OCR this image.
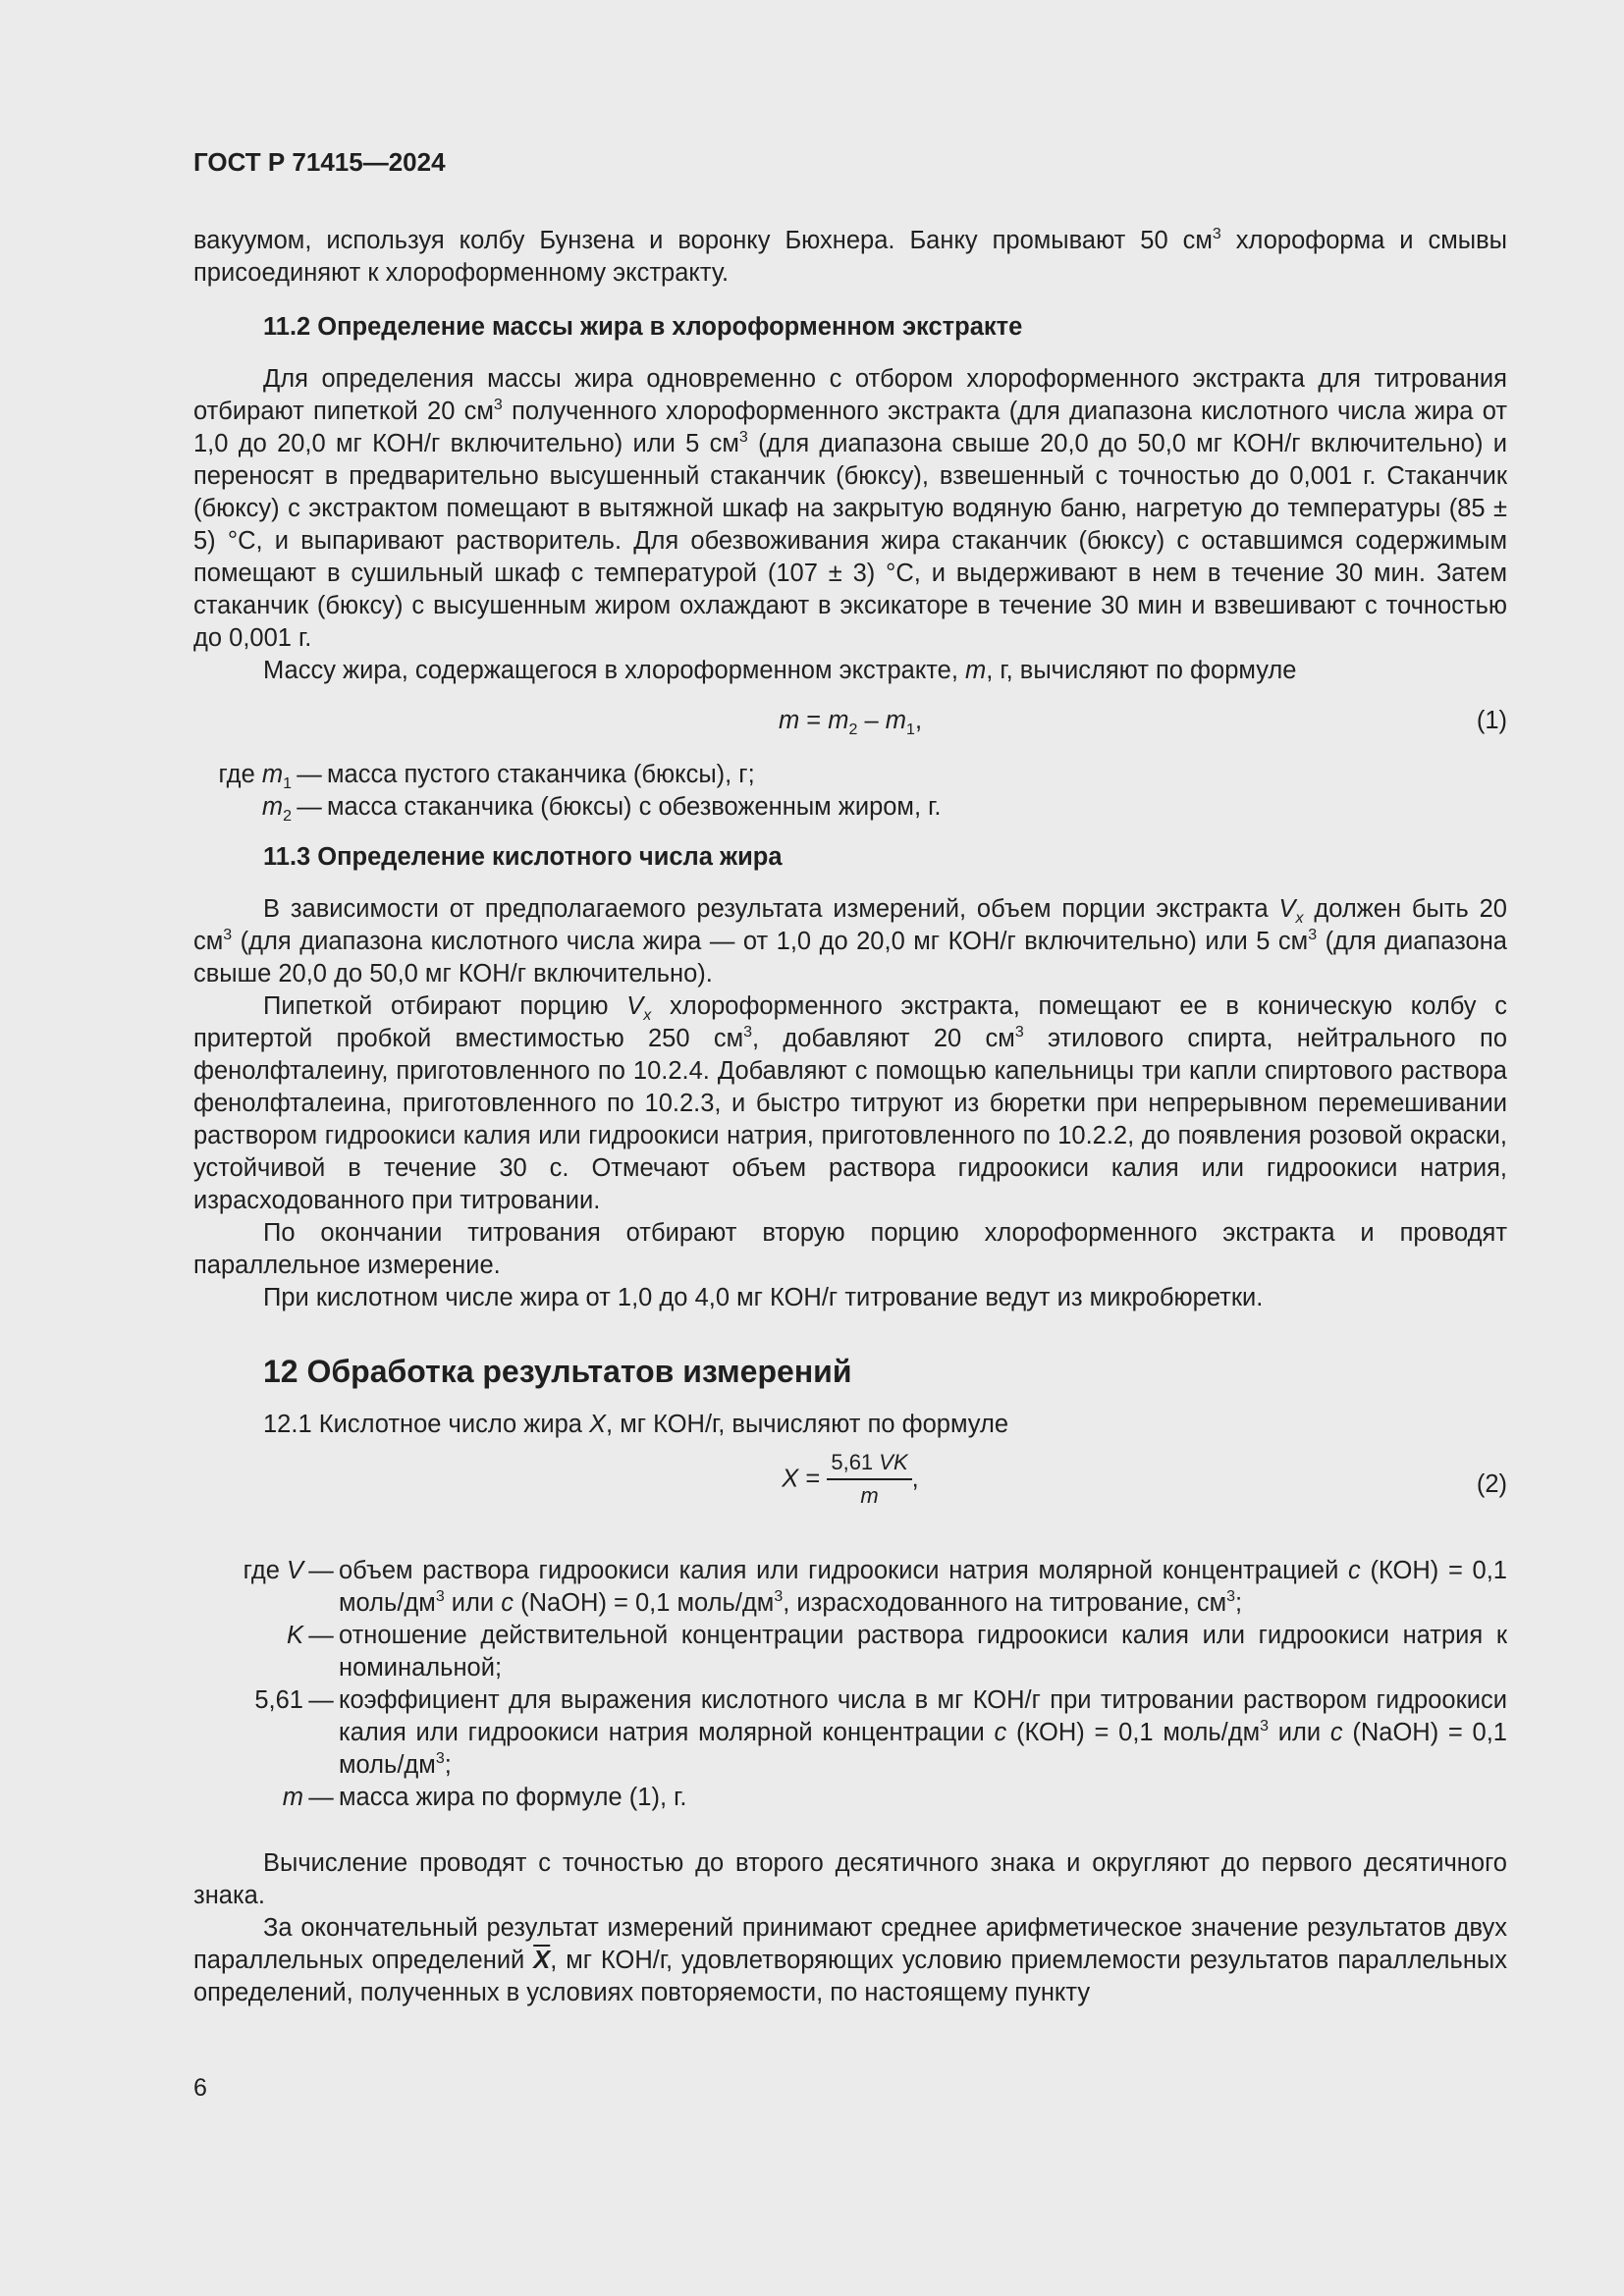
ГОСТ Р 71415—2024

вакуумом, используя колбу Бунзена и воронку Бюхнера. Банку промывают 50 $см^3$ хлороформа и смывы присоединяют к хлороформенному экстракту.

11.2 Определение массы жира в хлороформенном экстракте

Для определения массы жира одновременно с отбором хлороформенного экстракта для титрования отбирают пипеткой 20 $см^3$ полученного хлороформенного экстракта (для диапазона кислотного числа жира от 1,0 до 20,0 мг КОН/г включительно) или 5 $см^3$ (для диапазона свыше 20,0 до 50,0 мг КОН/г включительно) и переносят в предварительно высушенный стаканчик (бюксу), взвешенный с точностью до 0,001 г. Стаканчик (бюксу) с экстрактом помещают в вытяжной шкаф на закрытую водяную баню, нагретую до температуры (85 ± 5) °С, и выпаривают растворитель. Для обезвоживания жира стаканчик (бюксу) с оставшимся содержимым помещают в сушильный шкаф с температурой (107 ± 3) °С, и выдерживают в нем в течение 30 мин. Затем стаканчик (бюксу) с высушенным жиром охлаждают в эксикаторе в течение 30 мин и взвешивают с точностью до 0,001 г.

Массу жира, содержащегося в хлороформенном экстракте, m, г, вычисляют по формуле

$m = m_2 - m_1$,	(1)
где $m_1$	—	масса пустого стаканчика (бюксы), г;
$m_2$	—	масса стаканчика (бюксы) с обезвоженным жиром, г.

11.3 Определение кислотного числа жира

В зависимости от предполагаемого результата измерений, объем порции экстракта $V_x$ должен быть 20 $см^3$ (для диапазона кислотного числа жира — от 1,0 до 20,0 мг КОН/г включительно) или 5 $см^3$ (для диапазона свыше 20,0 до 50,0 мг КОН/г включительно).

Пипеткой отбирают порцию $V_x$ хлороформенного экстракта, помещают ее в коническую колбу с притертой пробкой вместимостью 250 $см^3$, добавляют 20 $см^3$ этилового спирта, нейтрального по фенолфталеину, приготовленного по 10.2.4. Добавляют с помощью капельницы три капли спиртового раствора фенолфталеина, приготовленного по 10.2.3, и быстро титруют из бюретки при непрерывном перемешивании раствором гидроокиси калия или гидроокиси натрия, приготовленного по 10.2.2, до появления розовой окраски, устойчивой в течение 30 с. Отмечают объем раствора гидроокиси калия или гидроокиси натрия, израсходованного при титровании.

По окончании титрования отбирают вторую порцию хлороформенного экстракта и проводят параллельное измерение.

При кислотном числе жира от 1,0 до 4,0 мг КОН/г титрование ведут из микробюретки.

12 Обработка результатов измерений

12.1 Кислотное число жира X, мг КОН/г, вычисляют по формуле

$X = \frac{5,61 VK}{m}$ ,	(2)
где V	—	объем раствора гидроокиси калия или гидроокиси натрия молярной концентрацией c (КОН) = 0,1 моль/$дм^3$ или c (NaOH) = 0,1 моль/$дм^3$, израсходованного на титрование, $см^3$;
K	—	отношение действительной концентрации раствора гидроокиси калия или гидроокиси натрия к номинальной;
5,61	—	коэффициент для выражения кислотного числа в мг КОН/г при титровании раствором гидроокиси калия или гидроокиси натрия молярной концентрации c (КОН) = 0,1 моль/$дм^3$ или c (NaOH) = 0,1 моль/$дм^3$;
m	—	масса жира по формуле (1), г.

Вычисление проводят с точностью до второго десятичного знака и округляют до первого десятичного знака.

За окончательный результат измерений принимают среднее арифметическое значение результатов двух параллельных определений $\overline{X}$, мг КОН/г, удовлетворяющих условию приемлемости результатов параллельных определений, полученных в условиях повторяемости, по настоящему пункту

6
